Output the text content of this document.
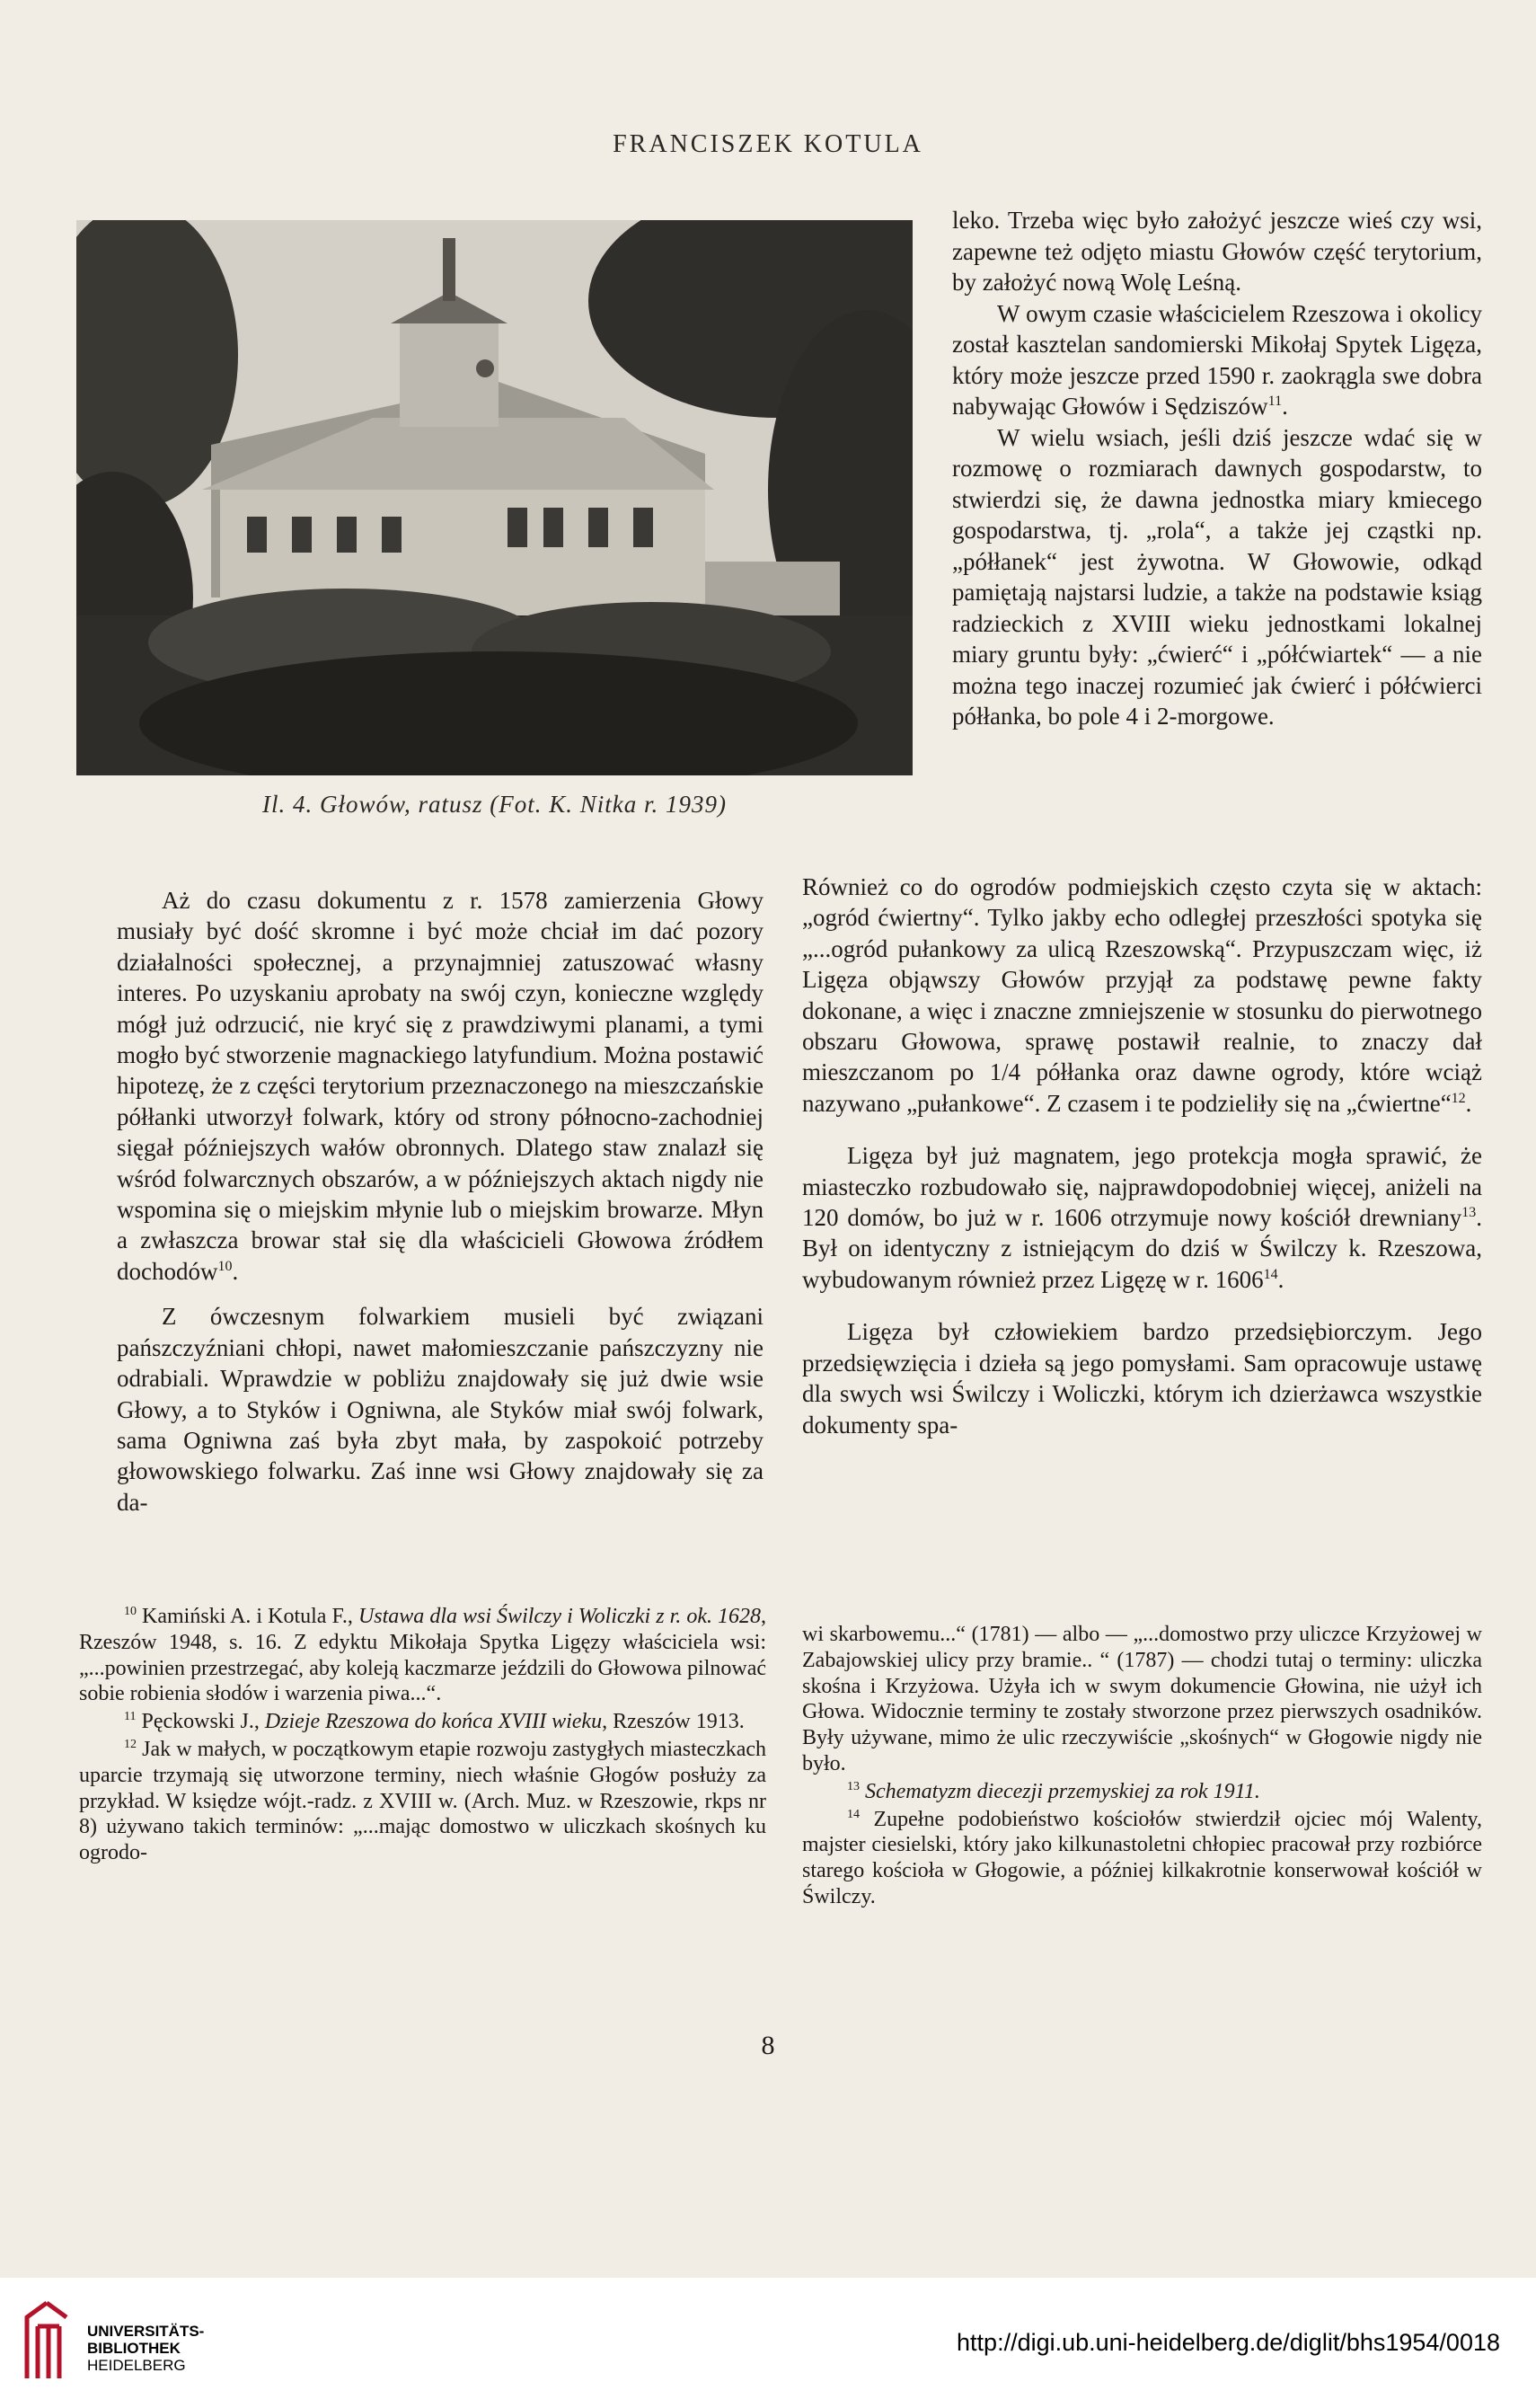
FRANCISZEK KOTULA
Il. 4. Głowów, ratusz (Fot. K. Nitka r. 1939)

leko. Trzeba więc było założyć jeszcze wieś czy wsi, zapewne też odjęto miastu Głowów część terytorium, by założyć nową Wolę Leśną.

W owym czasie właścicielem Rzeszowa i okolicy został kasztelan sandomierski Mikołaj Spytek Ligęza, który może jeszcze przed 1590 r. zaokrągla swe dobra nabywając Głowów i Sędziszów$^{11}$.

W wielu wsiach, jeśli dziś jeszcze wdać się w rozmowę o rozmiarach dawnych gospodarstw, to stwierdzi się, że dawna jednostka miary kmiecego gospodarstwa, tj. „rola“, a także jej cząstki np. „półłanek“ jest żywotna. W Głowowie, odkąd pamiętają najstarsi ludzie, a także na podstawie ksiąg radzieckich z XVIII wieku jednostkami lokalnej miary gruntu były: „ćwierć“ i „półćwiartek“ — a nie można tego inaczej rozumieć jak ćwierć i półćwierci półłanka, bo pole 4 i 2-morgowe.

Aż do czasu dokumentu z r. 1578 zamierzenia Głowy musiały być dość skromne i być może chciał im dać pozory działalności społecznej, a przynajmniej zatuszować własny interes. Po uzyskaniu aprobaty na swój czyn, konieczne względy mógł już odrzucić, nie kryć się z prawdziwymi planami, a tymi mogło być stworzenie magnackiego latyfundium. Można postawić hipotezę, że z części terytorium przeznaczonego na mieszczańskie półłanki utworzył folwark, który od strony północno-zachodniej sięgał późniejszych wałów obronnych. Dlatego staw znalazł się wśród folwarcznych obszarów, a w późniejszych aktach nigdy nie wspomina się o miejskim młynie lub o miejskim browarze. Młyn a zwłaszcza browar stał się dla właścicieli Głowowa źródłem dochodów$^{10}$.

Z ówczesnym folwarkiem musieli być związani pańszczyźniani chłopi, nawet małomieszczanie pańszczyzny nie odrabiali. Wprawdzie w pobliżu znajdowały się już dwie wsie Głowy, a to Styków i Ogniwna, ale Styków miał swój folwark, sama Ogniwna zaś była zbyt mała, by zaspokoić potrzeby głowowskiego folwarku. Zaś inne wsi Głowy znajdowały się za da-

Również co do ogrodów podmiejskich często czyta się w aktach: „ogród ćwiertny“. Tylko jakby echo odległej przeszłości spotyka się „...ogród pułankowy za ulicą Rzeszowską“. Przypuszczam więc, iż Ligęza objąwszy Głowów przyjął za podstawę pewne fakty dokonane, a więc i znaczne zmniejszenie w stosunku do pierwotnego obszaru Głowowa, sprawę postawił realnie, to znaczy dał mieszczanom po 1/4 półłanka oraz dawne ogrody, które wciąż nazywano „pułankowe“. Z czasem i te podzieliły się na „ćwiertne“$^{12}$.

Ligęza był już magnatem, jego protekcja mogła sprawić, że miasteczko rozbudowało się, najprawdopodobniej więcej, aniżeli na 120 domów, bo już w r. 1606 otrzymuje nowy kościół drewniany$^{13}$. Był on identyczny z istniejącym do dziś w Świlczy k. Rzeszowa, wybudowanym również przez Ligęzę w r. 1606$^{14}$.

Ligęza był człowiekiem bardzo przedsiębiorczym. Jego przedsięwzięcia i dzieła są jego pomysłami. Sam opracowuje ustawę dla swych wsi Świlczy i Woliczki, którym ich dzierżawca wszystkie dokumenty spa-

$^{10}$ Kamiński A. i Kotula F., Ustawa dla wsi Świlczy i Woliczki z r. ok. 1628, Rzeszów 1948, s. 16. Z edyktu Mikołaja Spytka Ligęzy właściciela wsi: „...powinien przestrzegać, aby koleją kaczmarze jeździli do Głowowa pilnować sobie robienia słodów i warzenia piwa...“.

$^{11}$ Pęckowski J., Dzieje Rzeszowa do końca XVIII wieku, Rzeszów 1913.

$^{12}$ Jak w małych, w początkowym etapie rozwoju zastygłych miasteczkach uparcie trzymają się utworzone terminy, niech właśnie Głogów posłuży za przykład. W księdze wójt.-radz. z XVIII w. (Arch. Muz. w Rzeszowie, rkps nr 8) używano takich terminów: „...mając domostwo w uliczkach skośnych ku ogrodo-

wi skarbowemu...“ (1781) — albo — „...domostwo przy uliczce Krzyżowej w Zabajowskiej ulicy przy bramie.. “ (1787) — chodzi tutaj o terminy: uliczka skośna i Krzyżowa. Użyła ich w swym dokumencie Głowina, nie użył ich Głowa. Widocznie terminy te zostały stworzone przez pierwszych osadników. Były używane, mimo że ulic rzeczywiście „skośnych“ w Głogowie nigdy nie było.

$^{13}$ Schematyzm diecezji przemyskiej za rok 1911.

$^{14}$ Zupełne podobieństwo kościołów stwierdził ojciec mój Walenty, majster ciesielski, który jako kilkunastoletni chłopiec pracował przy rozbiórce starego kościoła w Głogowie, a później kilkakrotnie konserwował kościół w Świlczy.

8
UNIVERSITÄTS-
BIBLIOTHEK
HEIDELBERG
http://digi.ub.uni-heidelberg.de/diglit/bhs1954/0018
